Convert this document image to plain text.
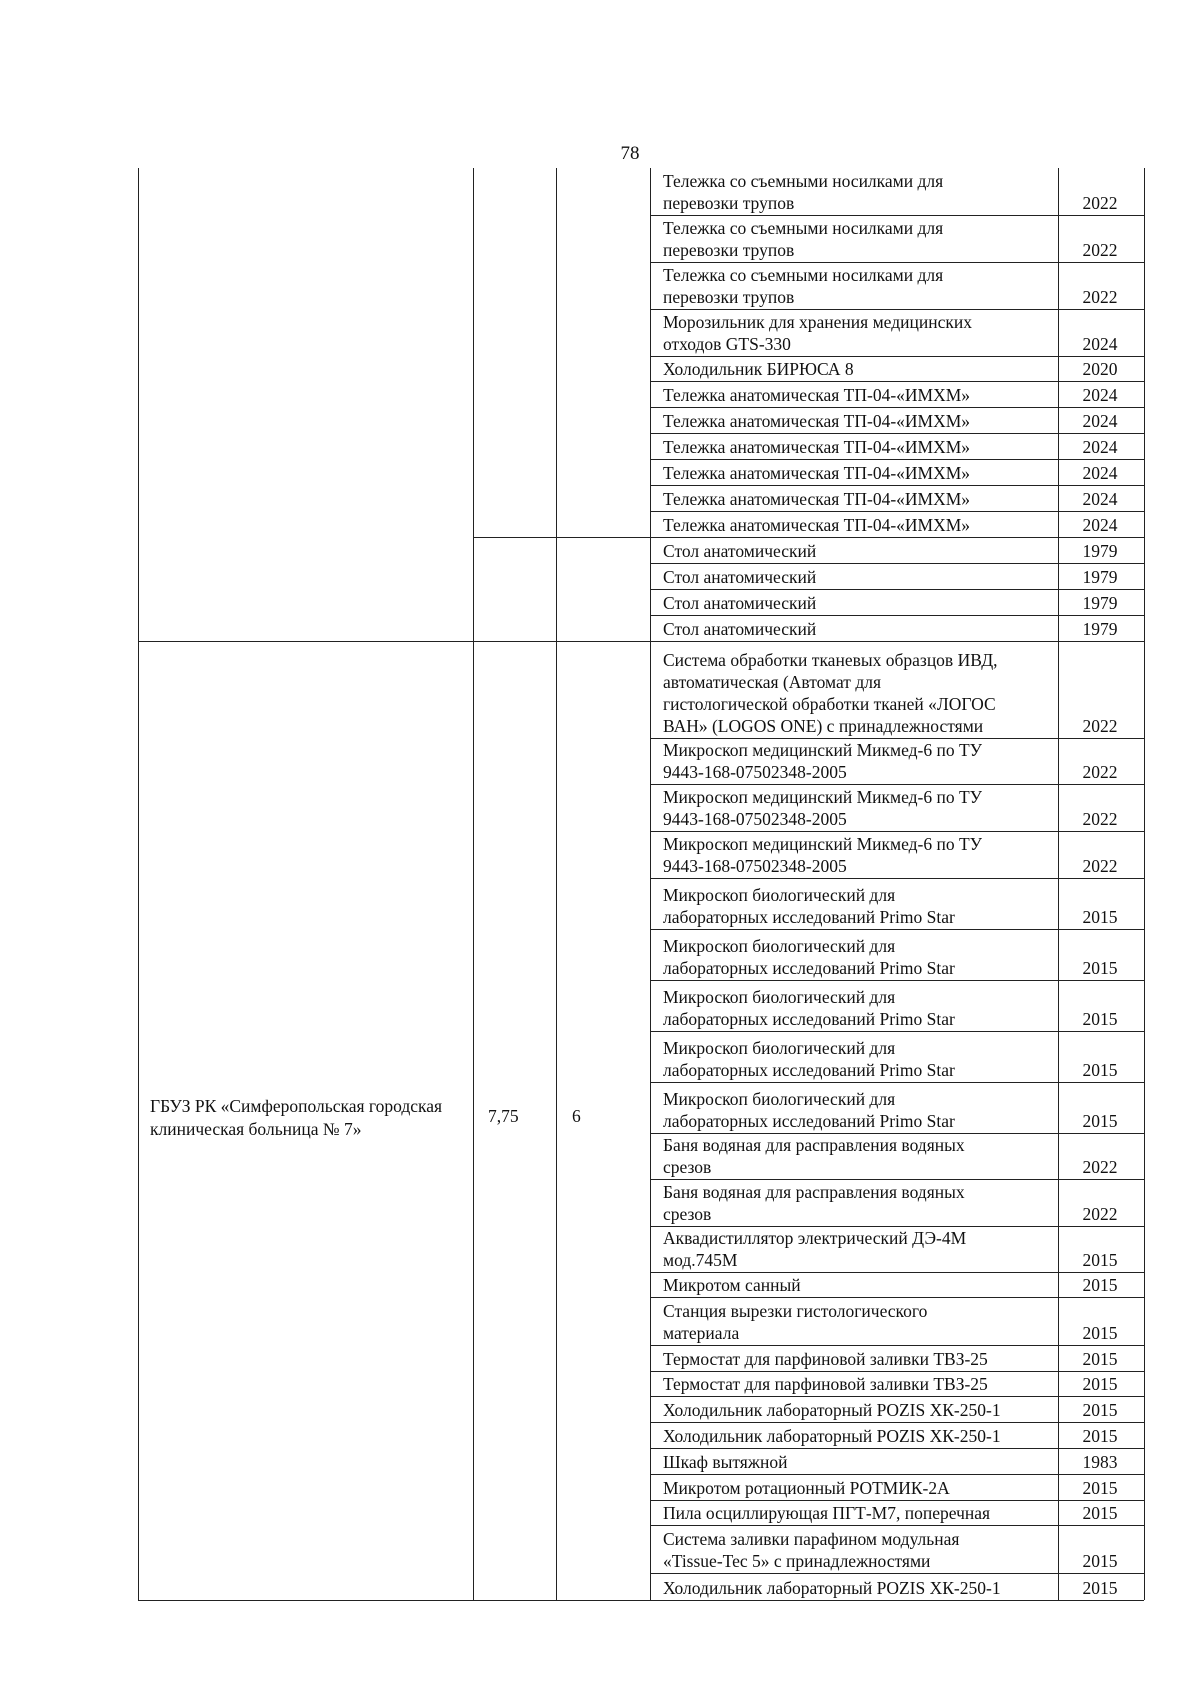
78
Тележка со съемными носилками для
перевозки трупов	2022
Тележка со съемными носилками для
перевозки трупов	2022
Тележка со съемными носилками для
перевозки трупов	2022
Морозильник для хранения медицинских
отходов GTS-330	2024
Холодильник БИРЮСА 8	2020
Тележка анатомическая ТП-04-«ИМХМ»	2024
Тележка анатомическая ТП-04-«ИМХМ»	2024
Тележка анатомическая ТП-04-«ИМХМ»	2024
Тележка анатомическая ТП-04-«ИМХМ»	2024
Тележка анатомическая ТП-04-«ИМХМ»	2024
Тележка анатомическая ТП-04-«ИМХМ»	2024
Стол анатомический	1979
Стол анатомический	1979
Стол анатомический	1979
Стол анатомический	1979
Система обработки тканевых образцов ИВД,
автоматическая (Автомат для
гистологической обработки тканей «ЛОГОС
ВАН» (LOGOS ONE) с принадлежностями	2022
Микроскоп медицинский Микмед-6 по ТУ
9443-168-07502348-2005	2022
Микроскоп медицинский Микмед-6 по ТУ
9443-168-07502348-2005	2022
Микроскоп медицинский Микмед-6 по ТУ
9443-168-07502348-2005	2022
Микроскоп биологический для
лабораторных исследований Primo Star	2015
Микроскоп биологический для
лабораторных исследований Primo Star	2015
Микроскоп биологический для
лабораторных исследований Primo Star	2015
Микроскоп биологический для
лабораторных исследований Primo Star	2015
Микроскоп биологический для
лабораторных исследований Primo Star	2015
Баня водяная для расправления водяных
срезов	2022
Баня водяная для расправления водяных
срезов	2022
Аквадистиллятор электрический ДЭ-4М
мод.745М	2015
Микротом санный	2015
Станция вырезки гистологического
материала	2015
Термостат для парфиновой заливки ТВЗ-25	2015
Термостат для парфиновой заливки ТВЗ-25	2015
Холодильник лабораторный POZIS ХК-250-1	2015
Холодильник лабораторный POZIS ХК-250-1	2015
Шкаф вытяжной	1983
Микротом ротационный РОТМИК-2А	2015
Пила осциллирующая ПГТ-М7, поперечная	2015
Система заливки парафином модульная
«Tissue-Tec 5» с принадлежностями	2015
Холодильник лабораторный POZIS ХК-250-1	2015
ГБУЗ РК «Симферопольская городская клиническая больница № 7»
7,75	6
